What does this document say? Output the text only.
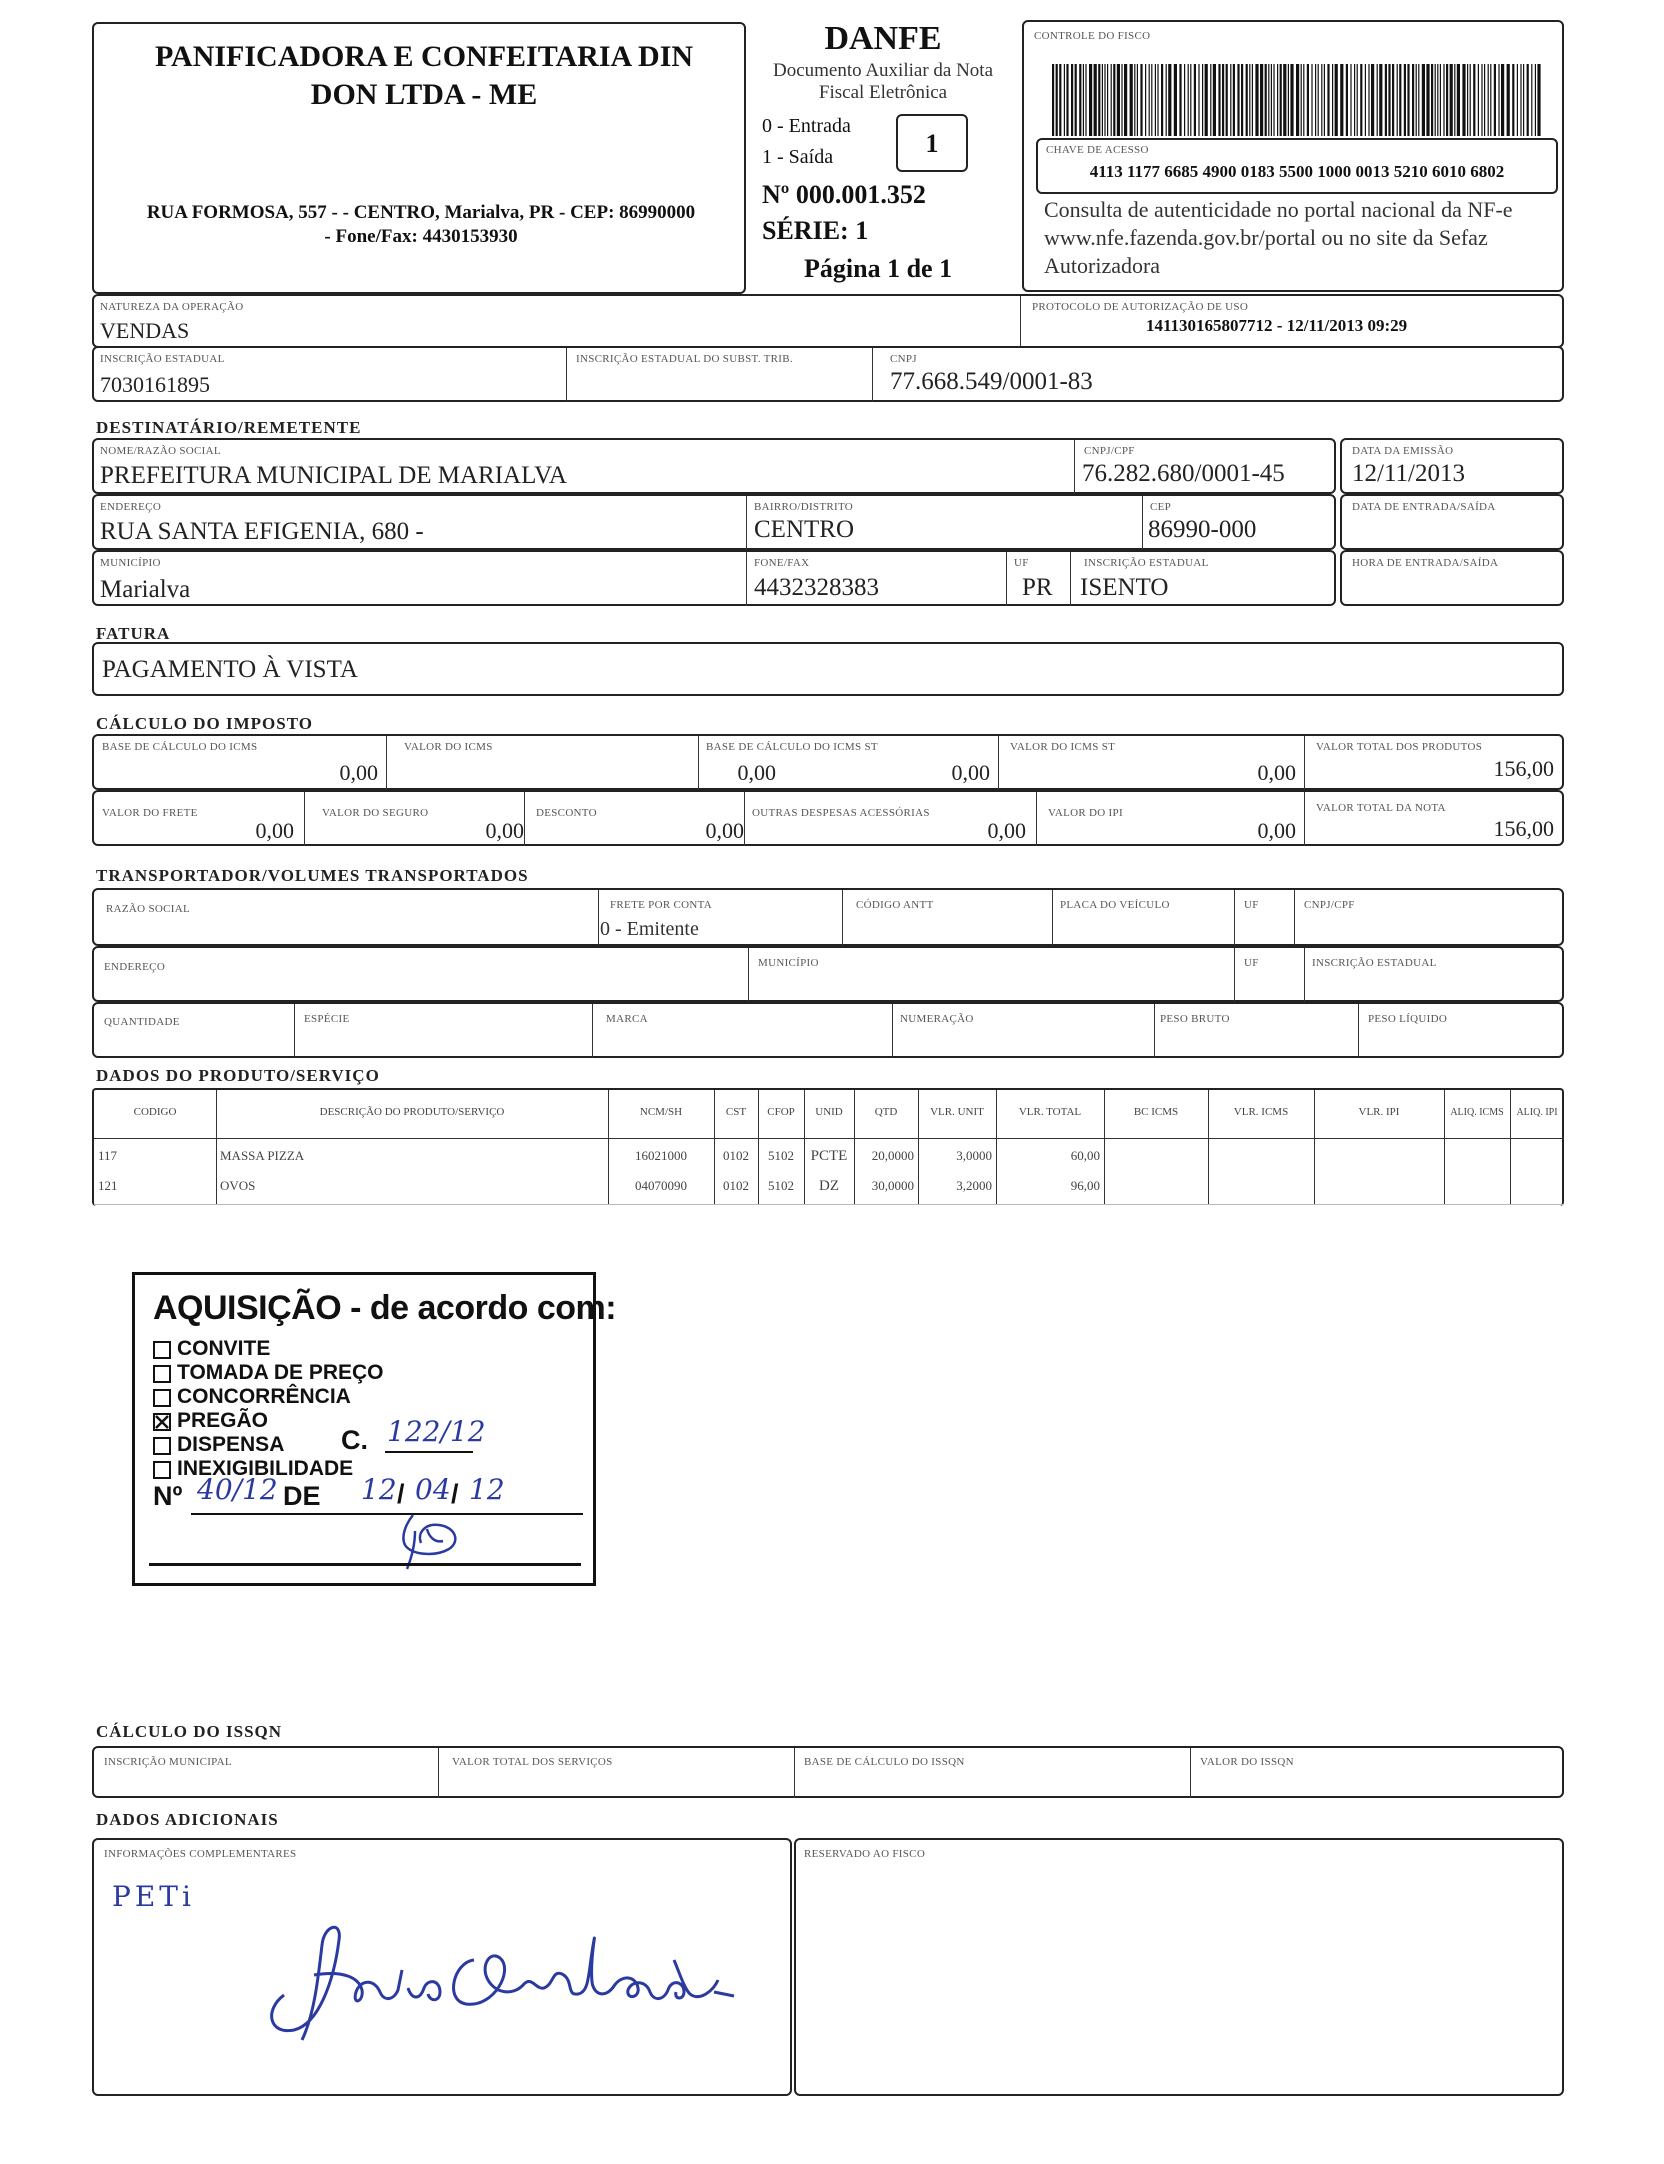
PANIFICADORA E CONFEITARIA DIN DON LTDA - ME
RUA FORMOSA, 557 - - CENTRO, Marialva, PR - CEP: 86990000
- Fone/Fax: 4430153930
DANFE
Documento Auxiliar da Nota Fiscal Eletrônica
0 - Entrada
1 - Saída	1
Nº 000.001.352
SÉRIE: 1
Página 1 de 1
CONTROLE DO FISCO
CHAVE DE ACESSO
4113 1177 6685 4900 0183 5500 1000 0013 5210 6010 6802
Consulta de autenticidade no portal nacional da NF-e www.nfe.fazenda.gov.br/portal ou no site da Sefaz Autorizadora
NATUREZA DA OPERAÇÃO
VENDAS
PROTOCOLO DE AUTORIZAÇÃO DE USO
141130165807712 - 12/11/2013 09:29
INSCRIÇÃO ESTADUAL
7030161895
INSCRIÇÃO ESTADUAL DO SUBST. TRIB.	CNPJ
77.668.549/0001-83
DESTINATÁRIO/REMETENTE
NOME/RAZÃO SOCIAL
PREFEITURA MUNICIPAL DE MARIALVA
CNPJ/CPF
76.282.680/0001-45
DATA DA EMISSÃO
12/11/2013
ENDEREÇO
RUA SANTA EFIGENIA, 680 -
BAIRRO/DISTRITO
CENTRO
CEP
86990-000
DATA DE ENTRADA/SAÍDA
MUNICÍPIO
Marialva
FONE/FAX
4432328383
UF
PR
INSCRIÇÃO ESTADUAL
ISENTO
HORA DE ENTRADA/SAÍDA
FATURA
PAGAMENTO À VISTA
CÁLCULO DO IMPOSTO
BASE DE CÁLCULO DO ICMS
0,00
VALOR DO ICMS
0,00
BASE DE CÁLCULO DO ICMS ST
0,00
VALOR DO ICMS ST
0,00
VALOR TOTAL DOS PRODUTOS
156,00
VALOR DO FRETE
0,00
VALOR DO SEGURO
0,00
DESCONTO
0,00
OUTRAS DESPESAS ACESSÓRIAS
0,00
VALOR DO IPI
0,00
VALOR TOTAL DA NOTA
156,00
TRANSPORTADOR/VOLUMES TRANSPORTADOS
RAZÃO SOCIAL	FRETE POR CONTA
0 - Emitente
CÓDIGO ANTT	PLACA DO VEÍCULO	UF	CNPJ/CPF
ENDEREÇO	MUNICÍPIO	UF	INSCRIÇÃO ESTADUAL
QUANTIDADE	ESPÉCIE	MARCA	NUMERAÇÃO	PESO BRUTO	PESO LÍQUIDO
DADOS DO PRODUTO/SERVIÇO
CODIGO	DESCRIÇÃO DO PRODUTO/SERVIÇO	NCM/SH	CST	CFOP	UNID	QTD	VLR. UNIT	VLR. TOTAL	BC ICMS	VLR. ICMS	VLR. IPI	ALIQ. ICMS	ALIQ. IPI
117	MASSA PIZZA	16021000	0102	5102	PCTE	20,0000	3,0000	60,00
121	OVOS	04070090	0102	5102	DZ	30,0000	3,2000	96,00
AQUISIÇÃO - de acordo com:
CONVITE
TOMADA DE PREÇO
CONCORRÊNCIA
PREGÃO
DISPENSA
INEXIGIBILIDADE
C. 122/12
Nº 40/12 DE 12 / 04 / 12
CÁLCULO DO ISSQN
INSCRIÇÃO MUNICIPAL	VALOR TOTAL DOS SERVIÇOS	BASE DE CÁLCULO DO ISSQN	VALOR DO ISSQN
DADOS ADICIONAIS
INFORMAÇÕES COMPLEMENTARES
PETi
RESERVADO AO FISCO
